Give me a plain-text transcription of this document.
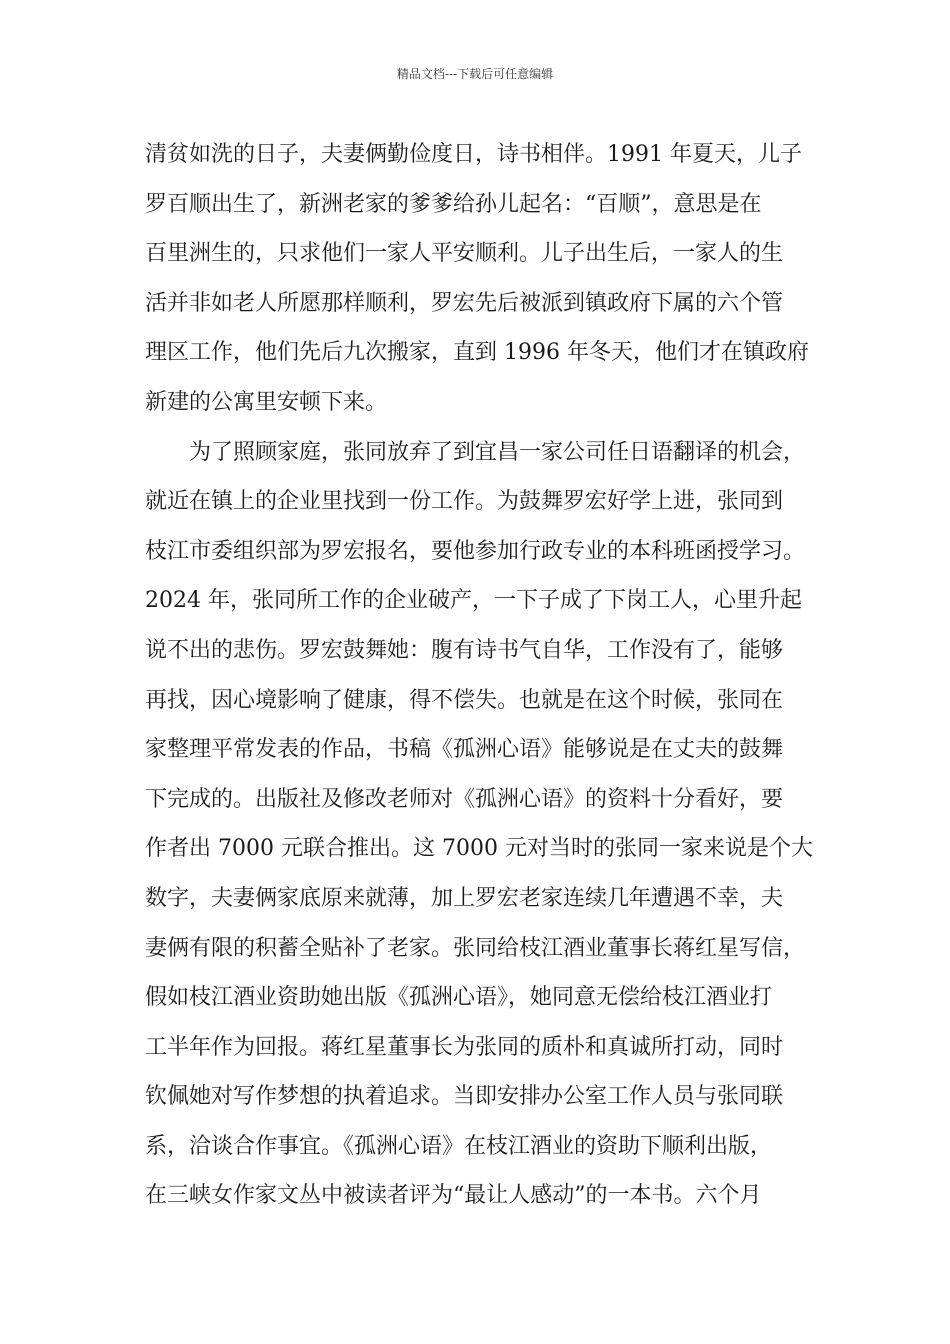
精品文档---下载后可任意编辑
清贫如洗的日子，夫妻俩勤俭度日，诗书相伴。1991 年夏天，儿子
罗百顺出生了，新洲老家的爹爹给孙儿起名：“百顺”，意思是在
百里洲生的，只求他们一家人平安顺利。儿子出生后，一家人的生
活并非如老人所愿那样顺利，罗宏先后被派到镇政府下属的六个管
理区工作，他们先后九次搬家，直到 1996 年冬天，他们才在镇政府
新建的公寓里安顿下来。
为了照顾家庭，张同放弃了到宜昌一家公司任日语翻译的机会，
就近在镇上的企业里找到一份工作。为鼓舞罗宏好学上进，张同到
枝江市委组织部为罗宏报名，要他参加行政专业的本科班函授学习。
2024 年，张同所工作的企业破产，一下子成了下岗工人，心里升起
说不出的悲伤。罗宏鼓舞她：腹有诗书气自华，工作没有了，能够
再找，因心境影响了健康，得不偿失。也就是在这个时候，张同在
家整理平常发表的作品，书稿《孤洲心语》能够说是在丈夫的鼓舞
下完成的。出版社及修改老师对《孤洲心语》的资料十分看好，要
作者出 7000 元联合推出。这 7000 元对当时的张同一家来说是个大
数字，夫妻俩家底原来就薄，加上罗宏老家连续几年遭遇不幸，夫
妻俩有限的积蓄全贴补了老家。张同给枝江酒业董事长蒋红星写信，
假如枝江酒业资助她出版《孤洲心语》，她同意无偿给枝江酒业打
工半年作为回报。蒋红星董事长为张同的质朴和真诚所打动，同时
钦佩她对写作梦想的执着追求。当即安排办公室工作人员与张同联
系，洽谈合作事宜。《孤洲心语》在枝江酒业的资助下顺利出版，
在三峡女作家文丛中被读者评为“最让人感动”的一本书。六个月
